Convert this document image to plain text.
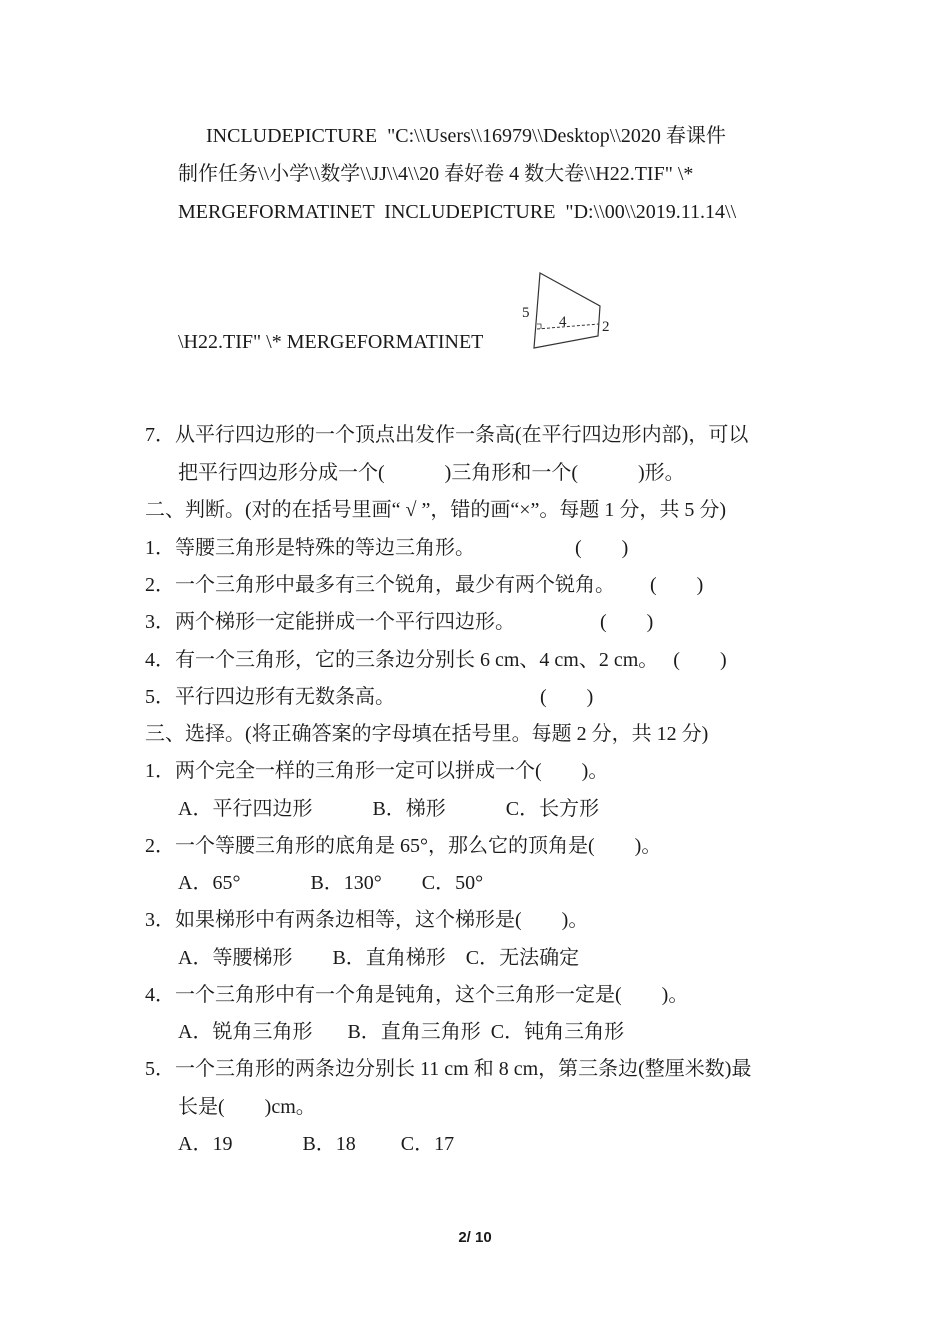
INCLUDEPICTURE  "C:\\Users\\16979\\Desktop\\2020 春课件
制作任务\\小学\\数学\\JJ\\4\\20 春好卷 4 数大卷\\H22.TIF" \*
MERGEFORMATINET  INCLUDEPICTURE  "D:\\00\\2019.11.14\\
\H22.TIF" \* MERGEFORMATINET
5
4 2
7．从平行四边形的一个顶点出发作一条高(在平行四边形内部)，可以
把平行四边形分成一个(            )三角形和一个(            )形。
二、判断。(对的在括号里画“ √ ”，错的画“×”。每题 1 分，共 5 分)
1．等腰三角形是特殊的等边三角形。                    (        )
2．一个三角形中最多有三个锐角，最少有两个锐角。       (        )
3．两个梯形一定能拼成一个平行四边形。                 (        )
4．有一个三角形，它的三条边分别长 6 cm、4 cm、2 cm。   (        )
5．平行四边形有无数条高。                             (        )
三、选择。(将正确答案的字母填在括号里。每题 2 分，共 12 分)
1．两个完全一样的三角形一定可以拼成一个(        )。
A．平行四边形            B．梯形            C．长方形
2．一个等腰三角形的底角是 65°，那么它的顶角是(        )。
A．65°              B．130°        C．50°
3．如果梯形中有两条边相等，这个梯形是(        )。
A．等腰梯形        B．直角梯形    C．无法确定
4．一个三角形中有一个角是钝角，这个三角形一定是(        )。
A．锐角三角形       B．直角三角形  C．钝角三角形
5．一个三角形的两条边分别长 11 cm 和 8 cm，第三条边(整厘米数)最
长是(        )cm。
A．19              B．18         C．17
2/ 10
